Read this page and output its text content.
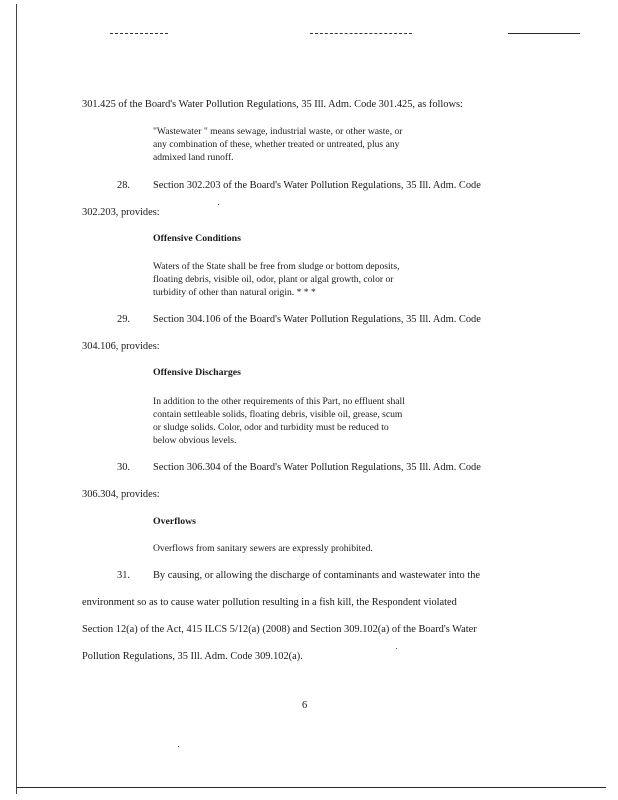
301.425 of the Board's Water Pollution Regulations, 35 Ill. Adm. Code 301.425, as follows:
"Wastewater " means sewage, industrial waste, or other waste, or
any combination of these, whether treated or untreated, plus any
admixed land runoff.
28. Section 302.203 of the Board's Water Pollution Regulations, 35 Ill. Adm. Code
302.203, provides:
Offensive Conditions
Waters of the State shall be free from sludge or bottom deposits,
floating debris, visible oil, odor, plant or algal growth, color or
turbidity of other than natural origin. * * *
29. Section 304.106 of the Board's Water Pollution Regulations, 35 Ill. Adm. Code
304.106, provides:
Offensive Discharges
In addition to the other requirements of this Part, no effluent shall
contain settleable solids, floating debris, visible oil, grease, scum
or sludge solids. Color, odor and turbidity must be reduced to
below obvious levels.
30. Section 306.304 of the Board's Water Pollution Regulations, 35 Ill. Adm. Code
306.304, provides:
Overflows
Overflows from sanitary sewers are expressly prohibited.
31. By causing, or allowing the discharge of contaminants and wastewater into the
environment so as to cause water pollution resulting in a fish kill, the Respondent violated
Section 12(a) of the Act, 415 ILCS 5/12(a) (2008) and Section 309.102(a) of the Board's Water
Pollution Regulations, 35 Ill. Adm. Code 309.102(a).
6
